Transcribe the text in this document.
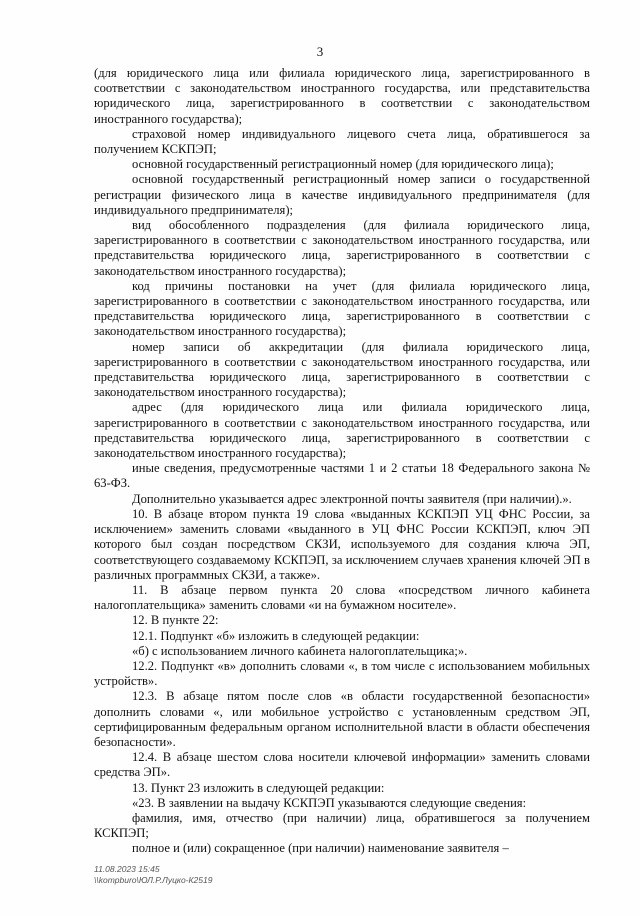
3

(для юридического лица или филиала юридического лица, зарегистрированного в соответствии с законодательством иностранного государства, или представительства юридического лица, зарегистрированного в соответствии с законодательством иностранного государства);

страховой номер индивидуального лицевого счета лица, обратившегося за получением КСКПЭП;

основной государственный регистрационный номер (для юридического лица);

основной государственный регистрационный номер записи о государственной регистрации физического лица в качестве индивидуального предпринимателя (для индивидуального предпринимателя);

вид обособленного подразделения (для филиала юридического лица, зарегистрированного в соответствии с законодательством иностранного государства, или представительства юридического лица, зарегистрированного в соответствии с законодательством иностранного государства);

код причины постановки на учет (для филиала юридического лица, зарегистрированного в соответствии с законодательством иностранного государства, или представительства юридического лица, зарегистрированного в соответствии с законодательством иностранного государства);

номер записи об аккредитации (для филиала юридического лица, зарегистрированного в соответствии с законодательством иностранного государства, или представительства юридического лица, зарегистрированного в соответствии с законодательством иностранного государства);

адрес (для юридического лица или филиала юридического лица, зарегистрированного в соответствии с законодательством иностранного государства, или представительства юридического лица, зарегистрированного в соответствии с законодательством иностранного государства);

иные сведения, предусмотренные частями 1 и 2 статьи 18 Федерального закона № 63-ФЗ.

Дополнительно указывается адрес электронной почты заявителя (при наличии).».

10. В абзаце втором пункта 19 слова «выданных КСКПЭП УЦ ФНС России, за исключением» заменить словами «выданного в УЦ ФНС России КСКПЭП, ключ ЭП которого был создан посредством СКЗИ, используемого для создания ключа ЭП, соответствующего создаваемому КСКПЭП, за исключением случаев хранения ключей ЭП в различных программных СКЗИ, а также».

11. В абзаце первом пункта 20 слова «посредством личного кабинета налогоплательщика» заменить словами «и на бумажном носителе».

12. В пункте 22:

12.1. Подпункт «б» изложить в следующей редакции:

«б) с использованием личного кабинета налогоплательщика;».

12.2. Подпункт «в» дополнить словами «, в том числе с использованием мобильных устройств».

12.3. В абзаце пятом после слов «в области государственной безопасности» дополнить словами «, или мобильное устройство с установленным средством ЭП, сертифицированным федеральным органом исполнительной власти в области обеспечения безопасности».

12.4. В абзаце шестом слова носители ключевой информации» заменить словами средства ЭП».

13. Пункт 23 изложить в следующей редакции:

«23. В заявлении на выдачу КСКПЭП указываются следующие сведения:

фамилия, имя, отчество (при наличии) лица, обратившегося за получением КСКПЭП;

полное и (или) сокращенное (при наличии) наименование заявителя –

11.08.2023 15:45
\\kompburo\ЮЛ.Р.Луцко-К2519
